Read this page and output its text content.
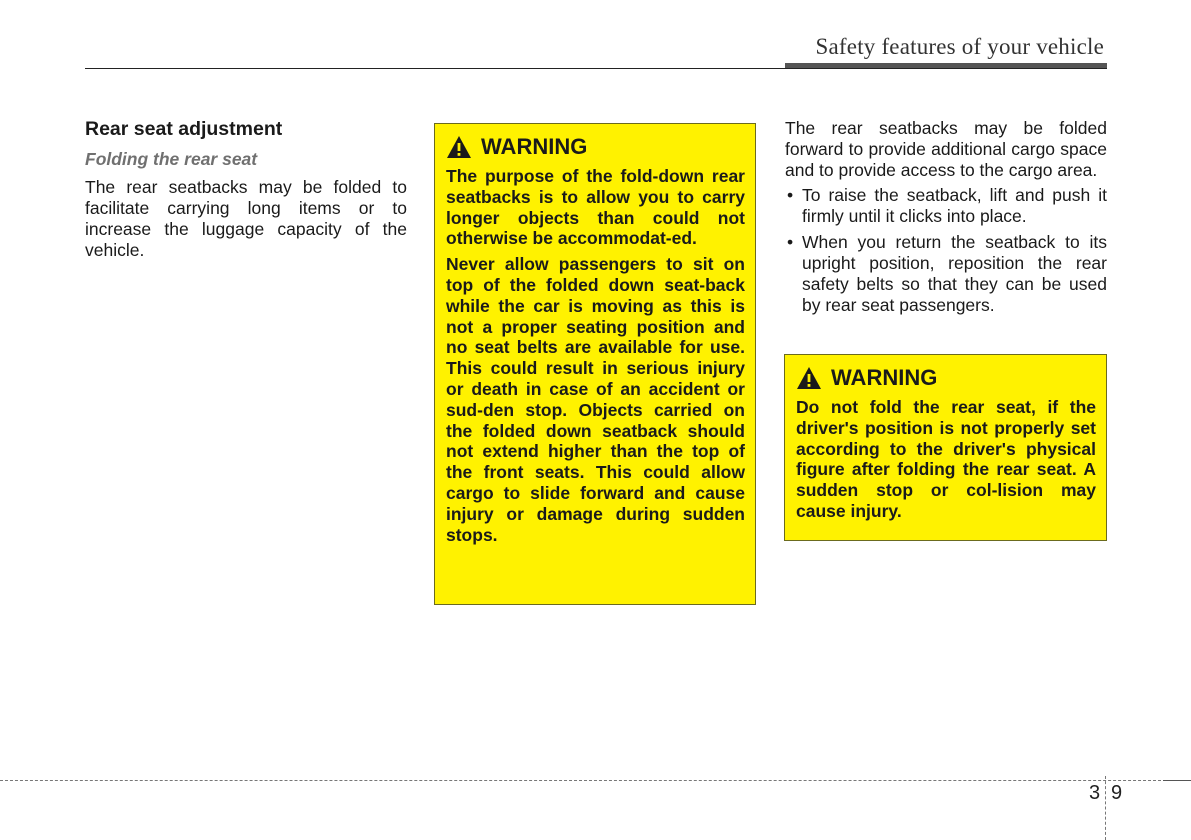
Safety features of your vehicle
Rear seat adjustment
Folding the rear seat

The rear seatbacks may be folded to facilitate carrying long items or to increase the luggage capacity of the vehicle.

WARNING

The purpose of the fold-down rear seatbacks is to allow you to carry longer objects than could not otherwise be accommodat-ed.

Never allow passengers to sit on top of the folded down seat-back while the car is moving as this is not a proper seating position and no seat belts are available for use. This could result in serious injury or death in case of an accident or sud-den stop. Objects carried on the folded down seatback should not extend higher than the top of the front seats. This could allow cargo to slide forward and cause injury or damage during sudden stops.

The rear seatbacks may be folded forward to provide additional cargo space and to provide access to the cargo area.

• To raise the seatback, lift and push it firmly until it clicks into place.
• When you return the seatback to its upright position, reposition the rear safety belts so that they can be used by rear seat passengers.
WARNING

Do not fold the rear seat, if the driver's position is not properly set according to the driver's physical figure after folding the rear seat. A sudden stop or col-lision may cause injury.

3 9
